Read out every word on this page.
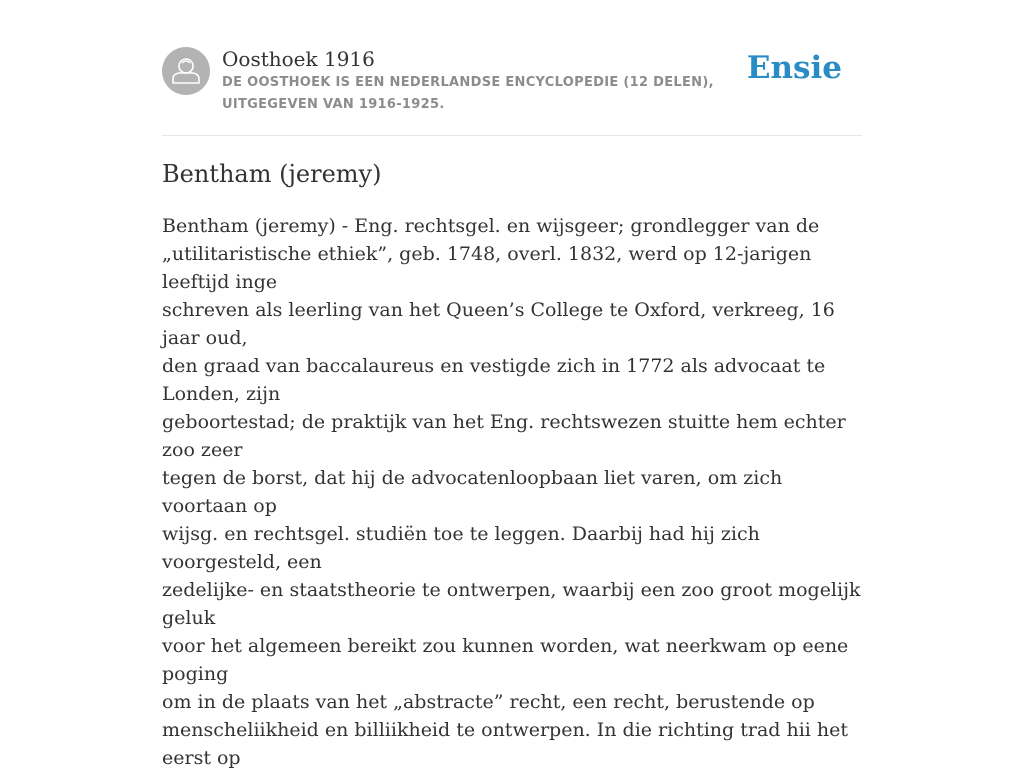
Oosthoek 1916
DE OOSTHOEK IS EEN NEDERLANDSE ENCYCLOPEDIE (12 DELEN), UITGEGEVEN VAN 1916-1925.
Ensie
Bentham (jeremy)
Bentham (jeremy) - Eng. rechtsgel. en wijsgeer; grondlegger van de
„utilitaristische ethiek”, geb. 1748, overl. 1832, werd op 12-jarigen leeftijd inge
schreven als leerling van het Queen’s College te Oxford, verkreeg, 16 jaar oud,
den graad van baccalaureus en vestigde zich in 1772 als advocaat te Londen, zijn
geboortestad; de praktijk van het Eng. rechtswezen stuitte hem echter zoo zeer
tegen de borst, dat hij de advocatenloopbaan liet varen, om zich voortaan op
wijsg. en rechtsgel. studiën toe te leggen. Daarbij had hij zich voorgesteld, een
zedelijke- en staatstheorie te ontwerpen, waarbij een zoo groot mogelijk geluk
voor het algemeen bereikt zou kunnen worden, wat neerkwam op eene poging
om in de plaats van het „abstracte” recht, een recht, berustende op
menscheliikheid en billiikheid te ontwerpen. In die richting trad hii het eerst op
